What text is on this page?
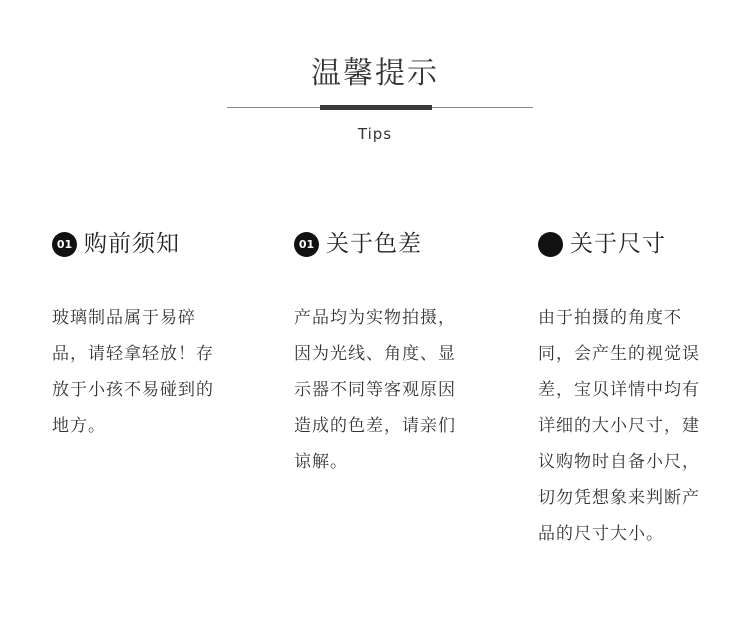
温馨提示
Tips
01 购前须知
玻璃制品属于易碎品，请轻拿轻放！存放于小孩不易碰到的地方。
01 关于色差
产品均为实物拍摄，因为光线、角度、显示器不同等客观原因造成的色差，请亲们谅解。
关于尺寸
由于拍摄的角度不同，会产生的视觉误差，宝贝详情中均有详细的大小尺寸，建议购物时自备小尺，切勿凭想象来判断产品的尺寸大小。
